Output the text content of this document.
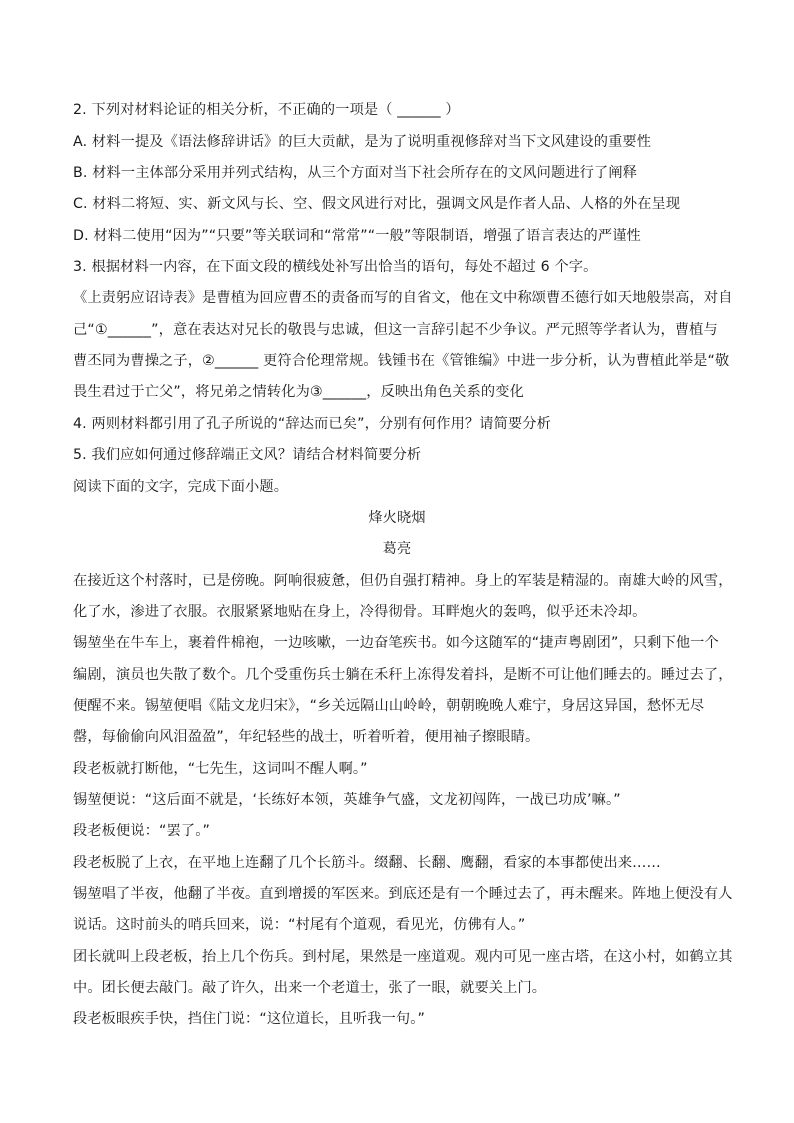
2. 下列对材料论证的相关分析，不正确的一项是（ ______ ）
A. 材料一提及《语法修辞讲话》的巨大贡献，是为了说明重视修辞对当下文风建设的重要性
B. 材料一主体部分采用并列式结构，从三个方面对当下社会所存在的文风问题进行了阐释
C. 材料二将短、实、新文风与长、空、假文风进行对比，强调文风是作者人品、人格的外在呈现
D. 材料二使用“因为”“只要”等关联词和“常常”“一般”等限制语，增强了语言表达的严谨性
3. 根据材料一内容，在下面文段的横线处补写出恰当的语句，每处不超过 6 个字。
《上责躬应诏诗表》是曹植为回应曹丕的责备而写的自省文，他在文中称颂曹丕德行如天地般崇高，对自
己“①______”，意在表达对兄长的敬畏与忠诚，但这一言辞引起不少争议。严元照等学者认为，曹植与
曹丕同为曹操之子，②______ 更符合伦理常规。钱锺书在《管锥编》中进一步分析，认为曹植此举是“敬
畏生君过于亡父”，将兄弟之情转化为③______，反映出角色关系的变化
4. 两则材料都引用了孔子所说的“辞达而已矣”，分别有何作用？请简要分析
5. 我们应如何通过修辞端正文风？请结合材料简要分析
阅读下面的文字，完成下面小题。
烽火晓烟
葛亮
在接近这个村落时，已是傍晚。阿响很疲惫，但仍自强打精神。身上的军装是精湿的。南雄大岭的风雪，
化了水，渗进了衣服。衣服紧紧地贴在身上，冷得彻骨。耳畔炮火的轰鸣，似乎还未冷却。
锡堃坐在牛车上，裹着件棉袍，一边咳嗽，一边奋笔疾书。如今这随军的“捷声粤剧团”，只剩下他一个
编剧，演员也失散了数个。几个受重伤兵士躺在禾秆上冻得发着抖，是断不可让他们睡去的。睡过去了，
便醒不来。锡堃便唱《陆文龙归宋》，“乡关远隔山山岭岭，朝朝晚晚人难宁，身居这异国，愁怀无尽
罄，每偷偷向风泪盈盈”，年纪轻些的战士，听着听着，便用袖子擦眼睛。
段老板就打断他，“七先生，这词叫不醒人啊。”
锡堃便说：“这后面不就是，‘长练好本领，英雄争气盛，文龙初闯阵，一战已功成’嘛。”
段老板便说：“罢了。”
段老板脱了上衣，在平地上连翻了几个长筋斗。缀翻、长翻、鹰翻，看家的本事都使出来……
锡堃唱了半夜，他翻了半夜。直到增援的军医来。到底还是有一个睡过去了，再未醒来。阵地上便没有人
说话。这时前头的哨兵回来，说：“村尾有个道观，看见光，仿佛有人。”
团长就叫上段老板，抬上几个伤兵。到村尾，果然是一座道观。观内可见一座古塔，在这小村，如鹤立其
中。团长便去敲门。敲了许久，出来一个老道士，张了一眼，就要关上门。
段老板眼疾手快，挡住门说：“这位道长，且听我一句。”
